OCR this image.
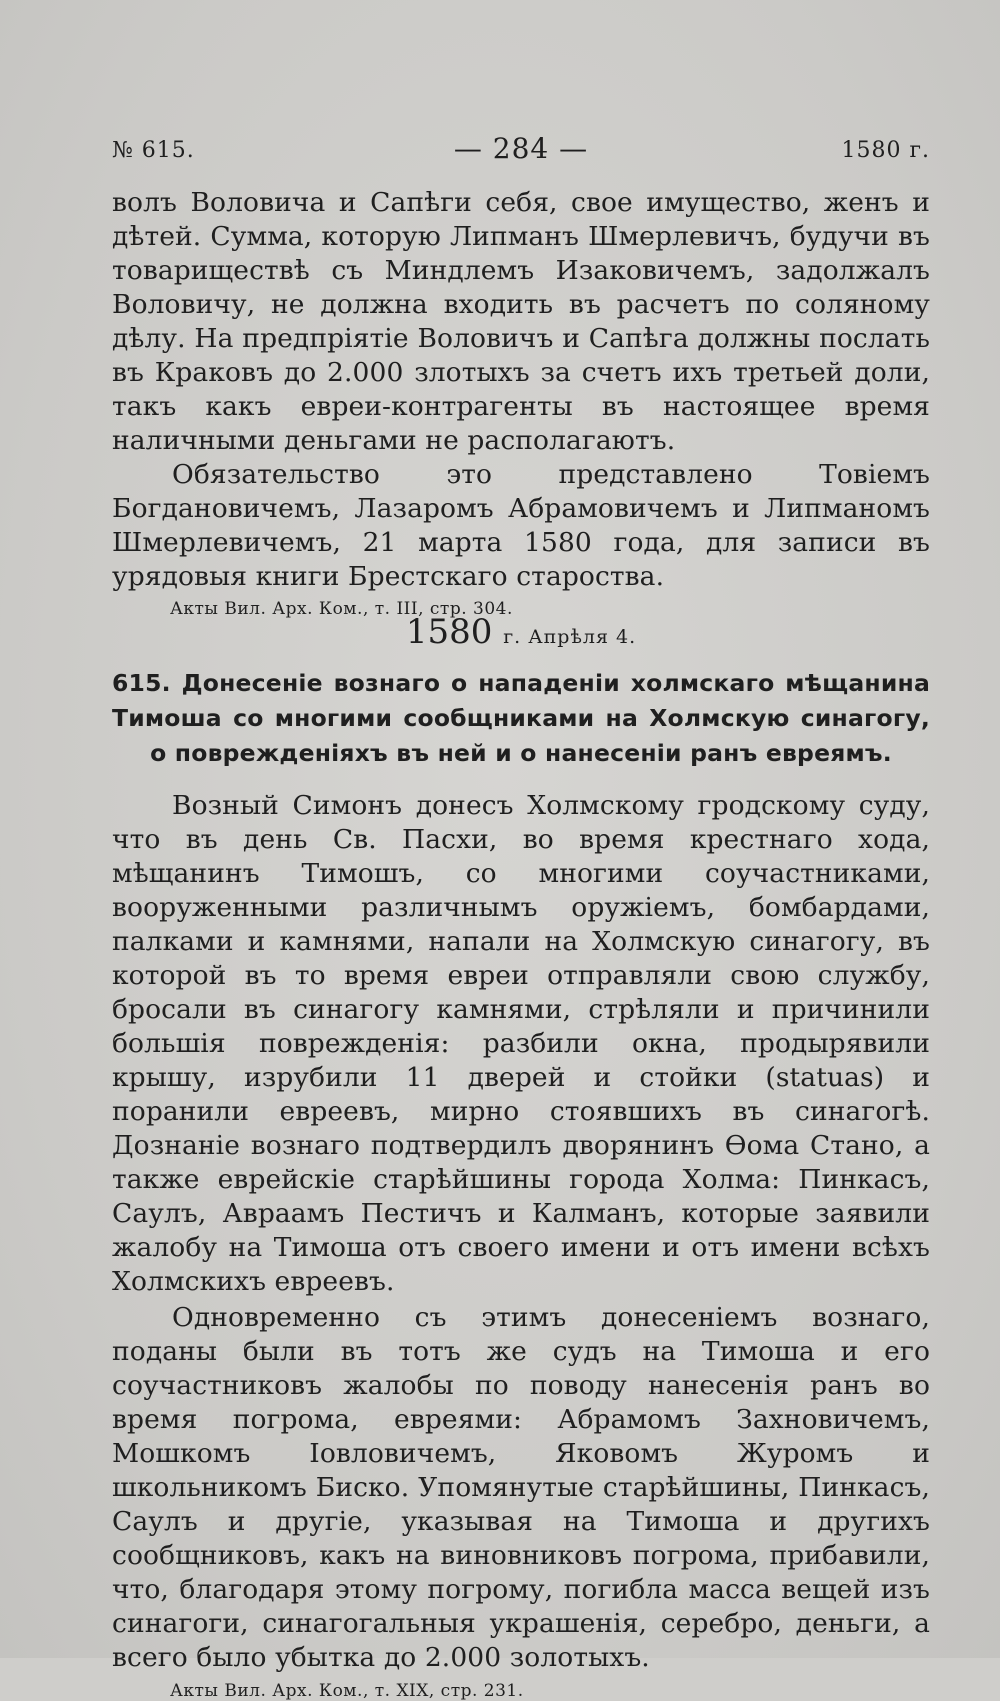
№ 615.	— 284 —	1580 г.

волъ Воловича и Сапѣги себя, свое имущество, женъ и дѣтей. Сумма, которую Липманъ Шмерлевичъ, будучи въ товариществѣ съ Миндлемъ Изаковичемъ, задолжалъ Воловичу, не должна входить въ расчетъ по соляному дѣлу. На предпріятіе Воловичъ и Сапѣга должны послать въ Краковъ до 2.000 злотыхъ за счетъ ихъ третьей доли, такъ какъ евреи-контрагенты въ настоящее время наличными деньгами не располагаютъ.

Обязательство это представлено Товіемъ Богдановичемъ, Лазаромъ Абрамовичемъ и Липманомъ Шмерлевичемъ, 21 марта 1580 года, для записи въ урядовыя книги Брестскаго староства.

Акты Вил. Арх. Ком., т. III, стр. 304.
1580 г. Апрѣля 4.
615. Донесеніе вознаго о нападеніи холмскаго мѣщанина Тимоша со многими сообщниками на Холмскую синагогу, о поврежденіяхъ въ ней и о нанесеніи ранъ евреямъ.

Возный Симонъ донесъ Холмскому гродскому суду, что въ день Св. Пасхи, во время крестнаго хода, мѣщанинъ Тимошъ, со многими соучастниками, вооруженными различнымъ оружіемъ, бомбардами, палками и камнями, напали на Холмскую синагогу, въ которой въ то время евреи отправляли свою службу, бросали въ синагогу камнями, стрѣляли и причинили большія поврежденія: разбили окна, продырявили крышу, изрубили 11 дверей и стойки (statuas) и поранили евреевъ, мирно стоявшихъ въ синагогѣ. Дознаніе вознаго подтвердилъ дворянинъ Ѳома Стано, а также еврейскіе старѣйшины города Холма: Пинкасъ, Саулъ, Авраамъ Пестичъ и Калманъ, которые заявили жалобу на Тимоша отъ своего имени и отъ имени всѣхъ Холмскихъ евреевъ.

Одновременно съ этимъ донесеніемъ вознаго, поданы были въ тотъ же судъ на Тимоша и его соучастниковъ жалобы по поводу нанесенія ранъ во время погрома, евреями: Абрамомъ Захновичемъ, Мошкомъ Іовловичемъ, Яковомъ Журомъ и школьникомъ Биско. Упомянутые старѣйшины, Пинкасъ, Саулъ и другіе, указывая на Тимоша и другихъ сообщниковъ, какъ на виновниковъ погрома, прибавили, что, благодаря этому погрому, погибла масса вещей изъ синагоги, синагогальныя украшенія, серебро, деньги, а всего было убытка до 2.000 золотыхъ.

Акты Вил. Арх. Ком., т. XIX, стр. 231.
